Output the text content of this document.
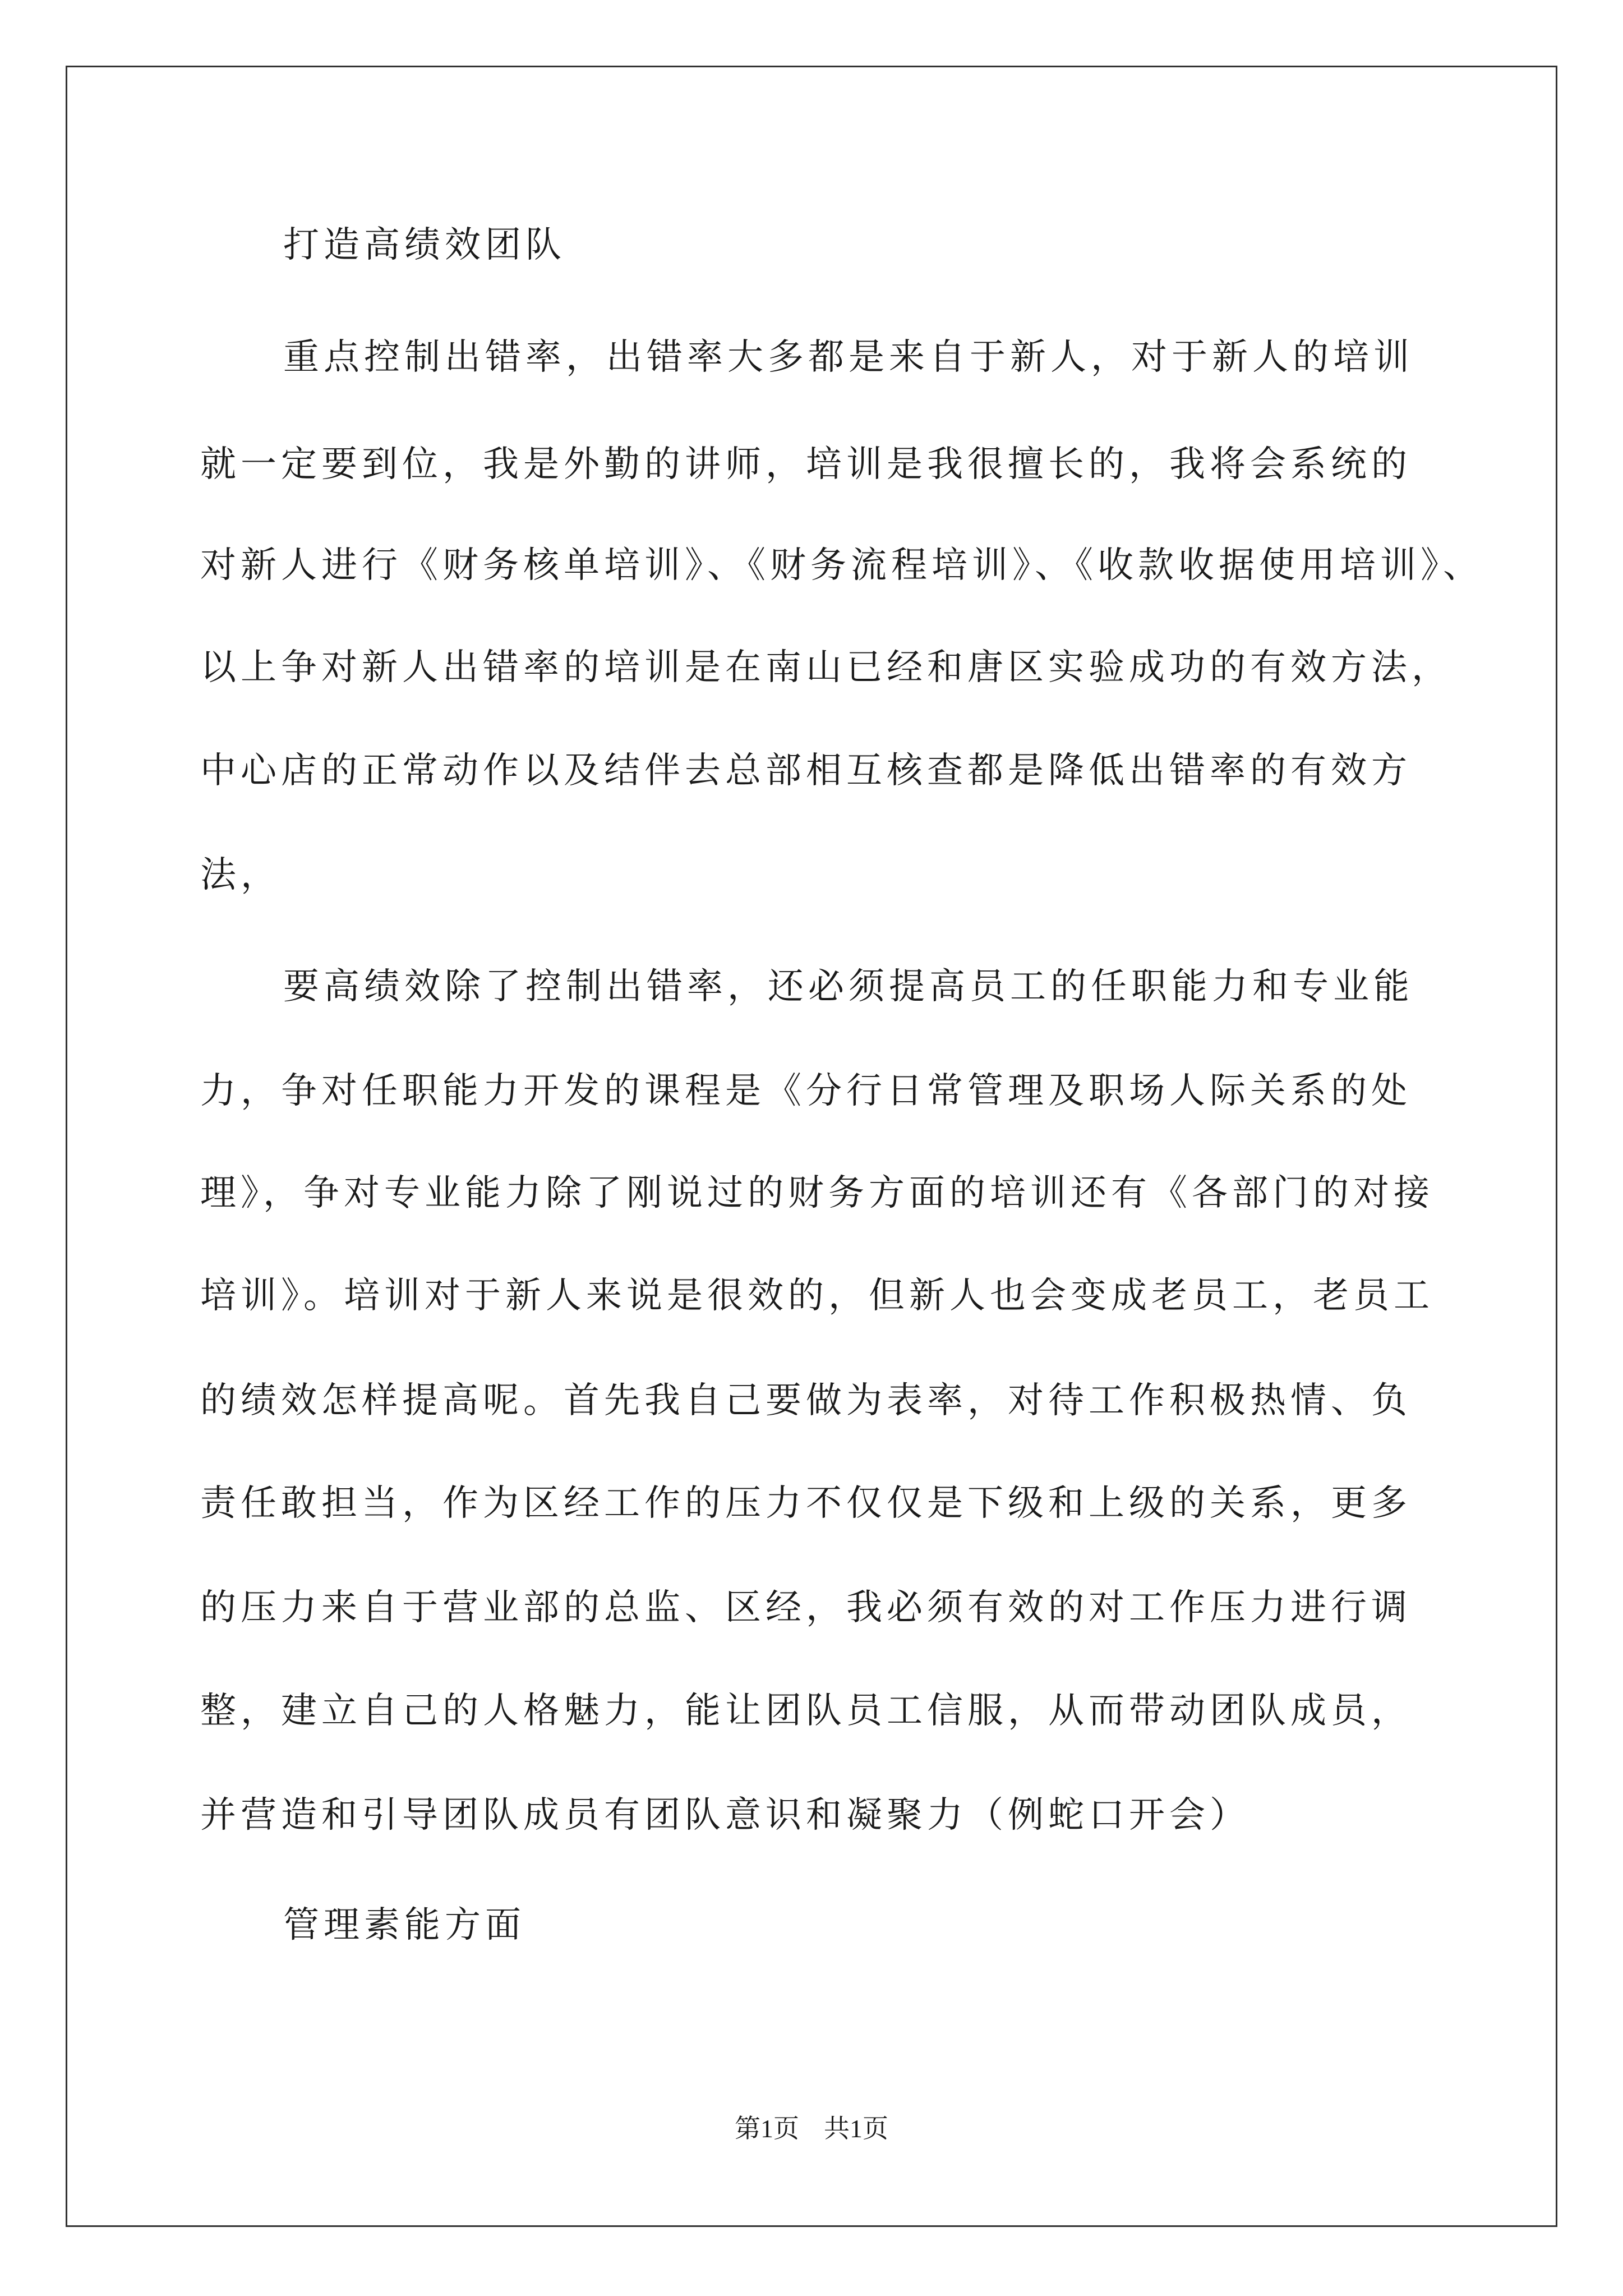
打造高绩效团队
重点控制出错率，出错率大多都是来自于新人，对于新人的培训
就一定要到位，我是外勤的讲师，培训是我很擅长的，我将会系统的
对新人进行《财务核单培训》、《财务流程培训》、《收款收据使用培训》、
以上争对新人出错率的培训是在南山已经和唐区实验成功的有效方法，
中心店的正常动作以及结伴去总部相互核查都是降低出错率的有效方
法，
要高绩效除了控制出错率，还必须提高员工的任职能力和专业能
力，争对任职能力开发的课程是《分行日常管理及职场人际关系的处
理》，争对专业能力除了刚说过的财务方面的培训还有《各部门的对接
培训》。培训对于新人来说是很效的，但新人也会变成老员工，老员工
的绩效怎样提高呢。首先我自己要做为表率，对待工作积极热情、负
责任敢担当，作为区经工作的压力不仅仅是下级和上级的关系，更多
的压力来自于营业部的总监、区经，我必须有效的对工作压力进行调
整，建立自己的人格魅力，能让团队员工信服，从而带动团队成员，
并营造和引导团队成员有团队意识和凝聚力（例蛇口开会）
管理素能方面
第1页 共1页
